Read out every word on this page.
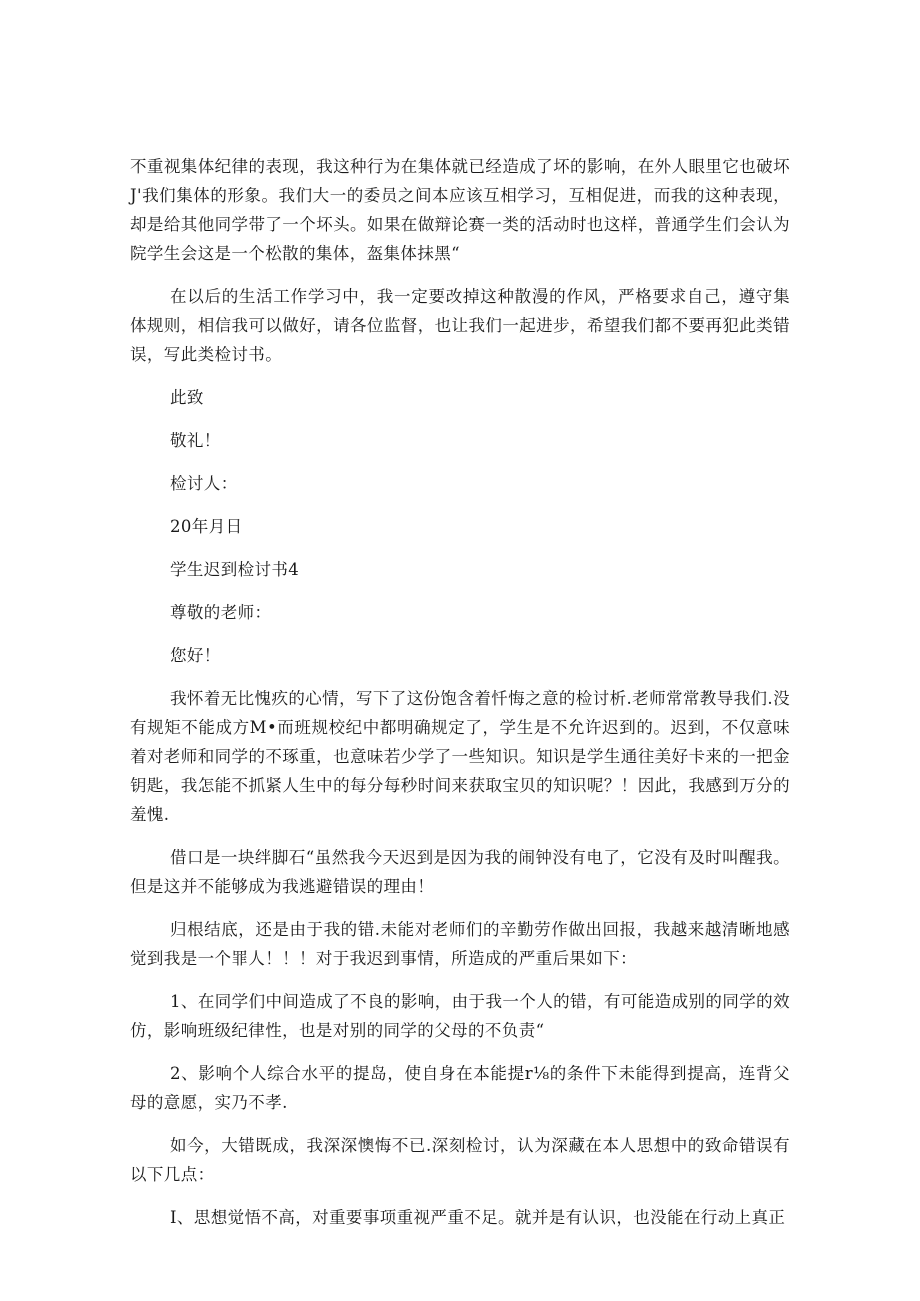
不重视集体纪律的表现，我这种行为在集体就已经造成了坏的影响，在外人眼里它也破坏J'我们集体的形象。我们大一的委员之间本应该互相学习，互相促进，而我的这种表现，却是给其他同学带了一个坏头。如果在做辩论赛一类的活动时也这样，普通学生们会认为院学生会这是一个松散的集体，盔集体抹黑“

在以后的生活工作学习中，我一定要改掉这种散漫的作风，严格要求自己，遵守集体规则，相信我可以做好，请各位监督，也让我们一起进步，希望我们都不要再犯此类错误，写此类检讨书。

此致

敬礼！

检讨人：

20年月日

学生迟到检讨书4

尊敬的老师：

您好！

我怀着无比愧疚的心情，写下了这份饱含着忏悔之意的检讨析.老师常常教导我们.没有规矩不能成方M•而班规校纪中都明确规定了，学生是不允许迟到的。迟到，不仅意味着对老师和同学的不琢重，也意味若少学了一些知识。知识是学生通往美好卡来的一把金钥匙，我怎能不抓紧人生中的每分每秒时间来获取宝贝的知识呢？！因此，我感到万分的羞愧.

借口是一块绊脚石“虽然我今天迟到是因为我的闹钟没有电了，它没有及时叫醒我。但是这并不能够成为我逃避错误的理由！

归根结底，还是由于我的错.未能对老师们的辛勤劳作做出回报，我越来越清晰地感觉到我是一个罪人！！！对于我迟到事情，所造成的严重后果如下：

1、在同学们中间造成了不良的影响，由于我一个人的错，有可能造成别的同学的效仿，影响班级纪律性，也是对别的同学的父母的不负责“

2、影响个人综合水平的提岛，使自身在本能提r⅛的条件下未能得到提高，连背父母的意愿，实乃不孝.

如今，大错既成，我深深懊悔不已.深刻检讨，认为深藏在本人思想中的致命错误有以下几点：

I、思想觉悟不高，对重要事项重视严重不足。就并是有认识，也没能在行动上真正
